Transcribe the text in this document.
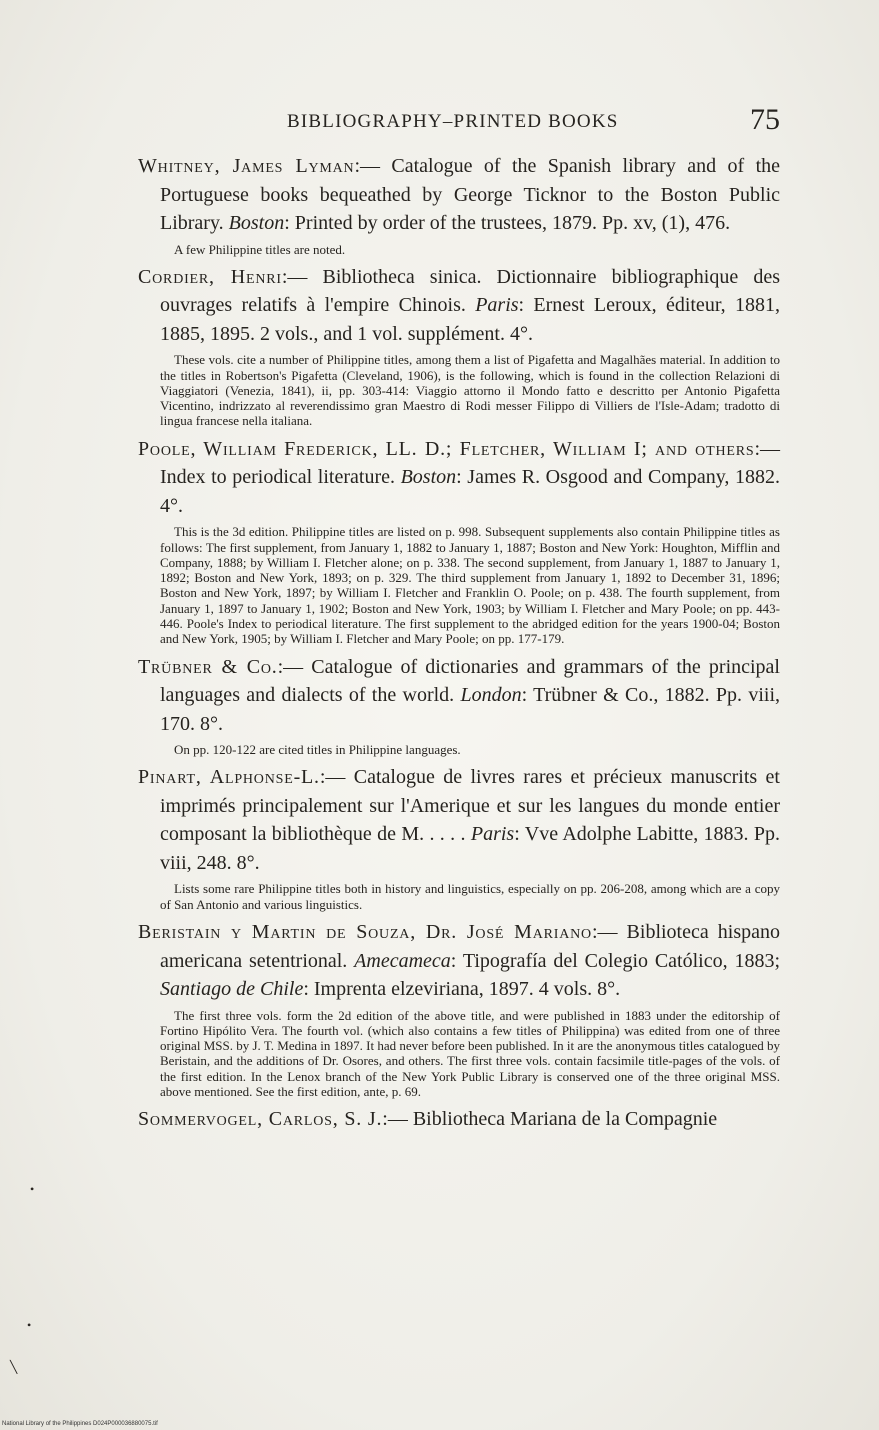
BIBLIOGRAPHY–PRINTED BOOKS	75
Whitney, James Lyman:— Catalogue of the Spanish library and of the Portuguese books bequeathed by George Ticknor to the Boston Public Library. Boston: Printed by order of the trustees, 1879. Pp. xv, (1), 476.
A few Philippine titles are noted.
Cordier, Henri:— Bibliotheca sinica. Dictionnaire bibliographique des ouvrages relatifs à l'empire Chinois. Paris: Ernest Leroux, éditeur, 1881, 1885, 1895. 2 vols., and 1 vol. supplément. 4°.
These vols. cite a number of Philippine titles, among them a list of Pigafetta and Magalhães material. In addition to the titles in Robertson's Pigafetta (Cleveland, 1906), is the following, which is found in the collection Relazioni di Viaggiatori (Venezia, 1841), ii, pp. 303-414: Viaggio attorno il Mondo fatto e descritto per Antonio Pigafetta Vicentino, indrizzato al reverendissimo gran Maestro di Rodi messer Filippo di Villiers de l'Isle-Adam; tradotto di lingua francese nella italiana.
Poole, William Frederick, LL. D.; Fletcher, William I; and others:— Index to periodical literature. Boston: James R. Osgood and Company, 1882. 4°.
This is the 3d edition. Philippine titles are listed on p. 998. Subsequent supplements also contain Philippine titles as follows: The first supplement, from January 1, 1882 to January 1, 1887; Boston and New York: Houghton, Mifflin and Company, 1888; by William I. Fletcher alone; on p. 338. The second supplement, from January 1, 1887 to January 1, 1892; Boston and New York, 1893; on p. 329. The third supplement from January 1, 1892 to December 31, 1896; Boston and New York, 1897; by William I. Fletcher and Franklin O. Poole; on p. 438. The fourth supplement, from January 1, 1897 to January 1, 1902; Boston and New York, 1903; by William I. Fletcher and Mary Poole; on pp. 443-446. Poole's Index to periodical literature. The first supplement to the abridged edition for the years 1900-04; Boston and New York, 1905; by William I. Fletcher and Mary Poole; on pp. 177-179.
Trübner & Co.:— Catalogue of dictionaries and grammars of the principal languages and dialects of the world. London: Trübner & Co., 1882. Pp. viii, 170. 8°.
On pp. 120-122 are cited titles in Philippine languages.
Pinart, Alphonse-L.:— Catalogue de livres rares et précieux manuscrits et imprimés principalement sur l'Amerique et sur les langues du monde entier composant la bibliothèque de M. . . . . Paris: Vve Adolphe Labitte, 1883. Pp. viii, 248. 8°.
Lists some rare Philippine titles both in history and linguistics, especially on pp. 206-208, among which are a copy of San Antonio and various linguistics.
Beristain y Martin de Souza, Dr. José Mariano:— Biblioteca hispano americana setentrional. Amecameca: Tipografía del Colegio Católico, 1883; Santiago de Chile: Imprenta elzeviriana, 1897. 4 vols. 8°.
The first three vols. form the 2d edition of the above title, and were published in 1883 under the editorship of Fortino Hipólito Vera. The fourth vol. (which also contains a few titles of Philippina) was edited from one of three original MSS. by J. T. Medina in 1897. It had never before been published. In it are the anonymous titles catalogued by Beristain, and the additions of Dr. Osores, and others. The first three vols. contain facsimile title-pages of the vols. of the first edition. In the Lenox branch of the New York Public Library is conserved one of the three original MSS. above mentioned. See the first edition, ante, p. 69.
Sommervogel, Carlos, S. J.:— Bibliotheca Mariana de la Compagnie
•
╲
•
National Library of the Philippines D024P000036880075.tif
